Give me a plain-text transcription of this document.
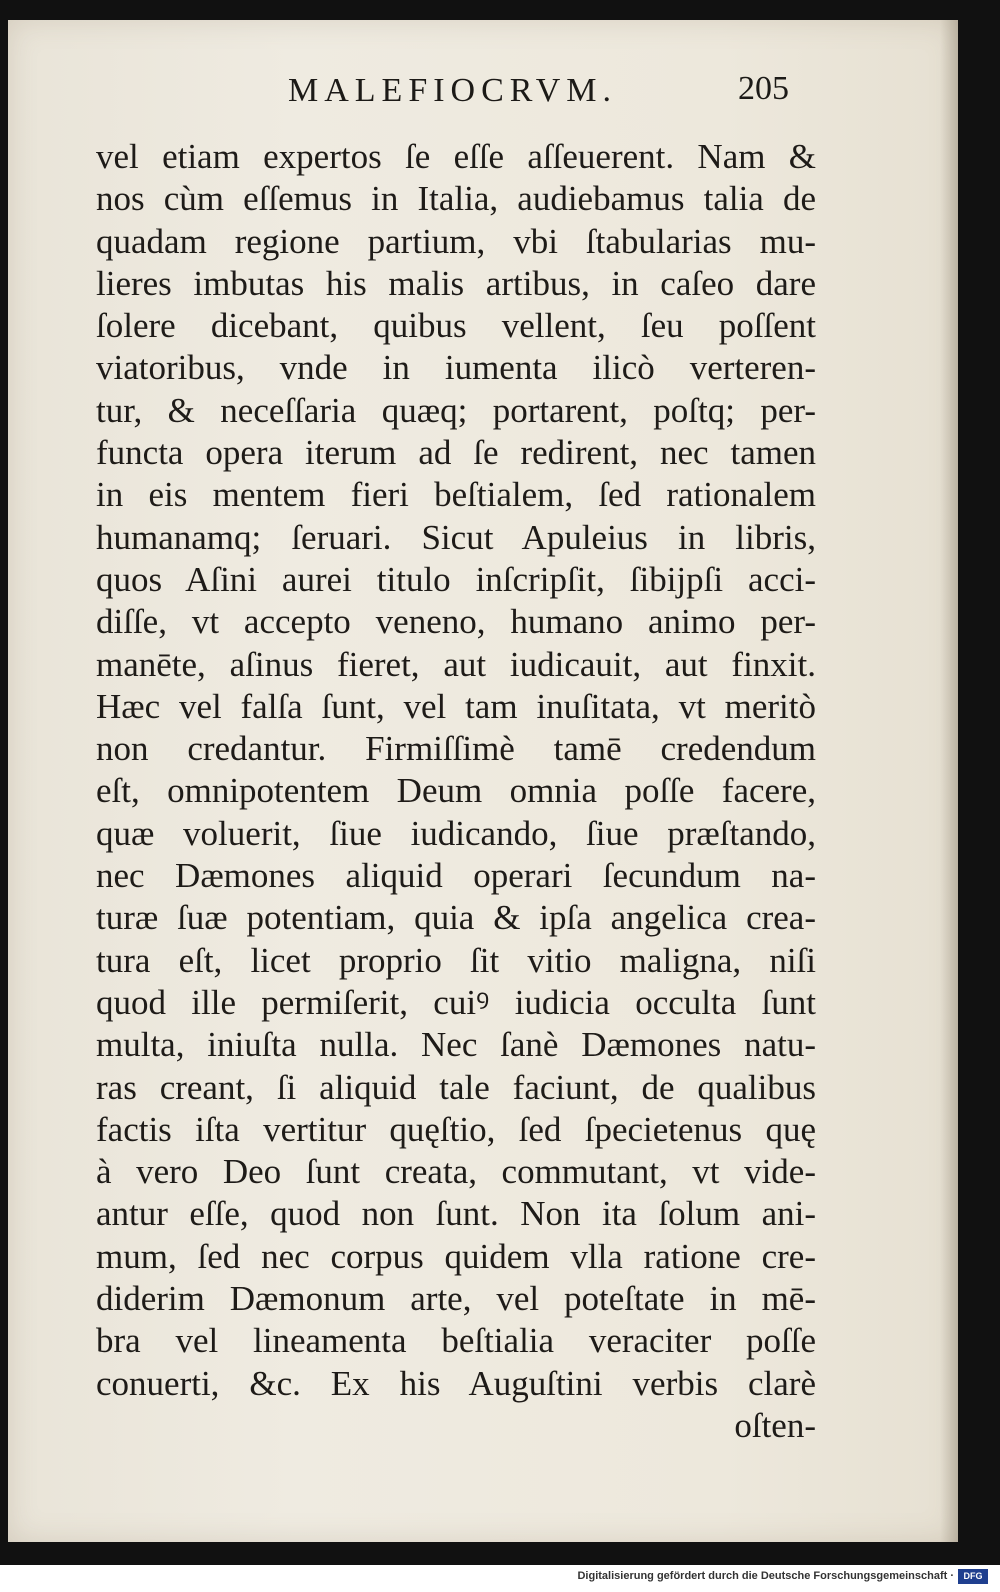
MALEFIOCRVM.	205
vel etiam expertos ſe eſſe aſſeuerent. Nam &
nos cùm eſſemus in Italia, audiebamus talia de
quadam regione partium, vbi ſtabularias mu-
lieres imbutas his malis artibus, in caſeo dare
ſolere dicebant, quibus vellent, ſeu poſſent
viatoribus, vnde in iumenta ilicò verteren-
tur, & neceſſaria quæq; portarent, poſtq; per-
functa opera iterum ad ſe redirent, nec tamen
in eis mentem fieri beſtialem, ſed rationalem
humanamq; ſeruari. Sicut Apuleius in libris,
quos Aſini aurei titulo inſcripſit, ſibijpſi acci-
diſſe, vt accepto veneno, humano animo per-
manēte, aſinus fieret, aut iudicauit, aut finxit.
Hæc vel falſa ſunt, vel tam inuſitata, vt meritò
non credantur. Firmiſſimè tamē credendum
eſt, omnipotentem Deum omnia poſſe facere,
quæ voluerit, ſiue iudicando, ſiue præſtando,
nec Dæmones aliquid operari ſecundum na-
turæ ſuæ potentiam, quia & ipſa angelica crea-
tura eſt, licet proprio ſit vitio maligna, niſi
quod ille permiſerit, cuiꝰ iudicia occulta ſunt
multa, iniuſta nulla. Nec ſanè Dæmones natu-
ras creant, ſi aliquid tale faciunt, de qualibus
factis iſta vertitur quęſtio, ſed ſpecietenus quę
à vero Deo ſunt creata, commutant, vt vide-
antur eſſe, quod non ſunt. Non ita ſolum ani-
mum, ſed nec corpus quidem vlla ratione cre-
diderim Dæmonum arte, vel poteſtate in mē-
bra vel lineamenta beſtialia veraciter poſſe
conuerti, &c. Ex his Auguſtini verbis clarè
oſten-
Digitalisierung gefördert durch die Deutsche Forschungsgemeinschaft ·	DFG
